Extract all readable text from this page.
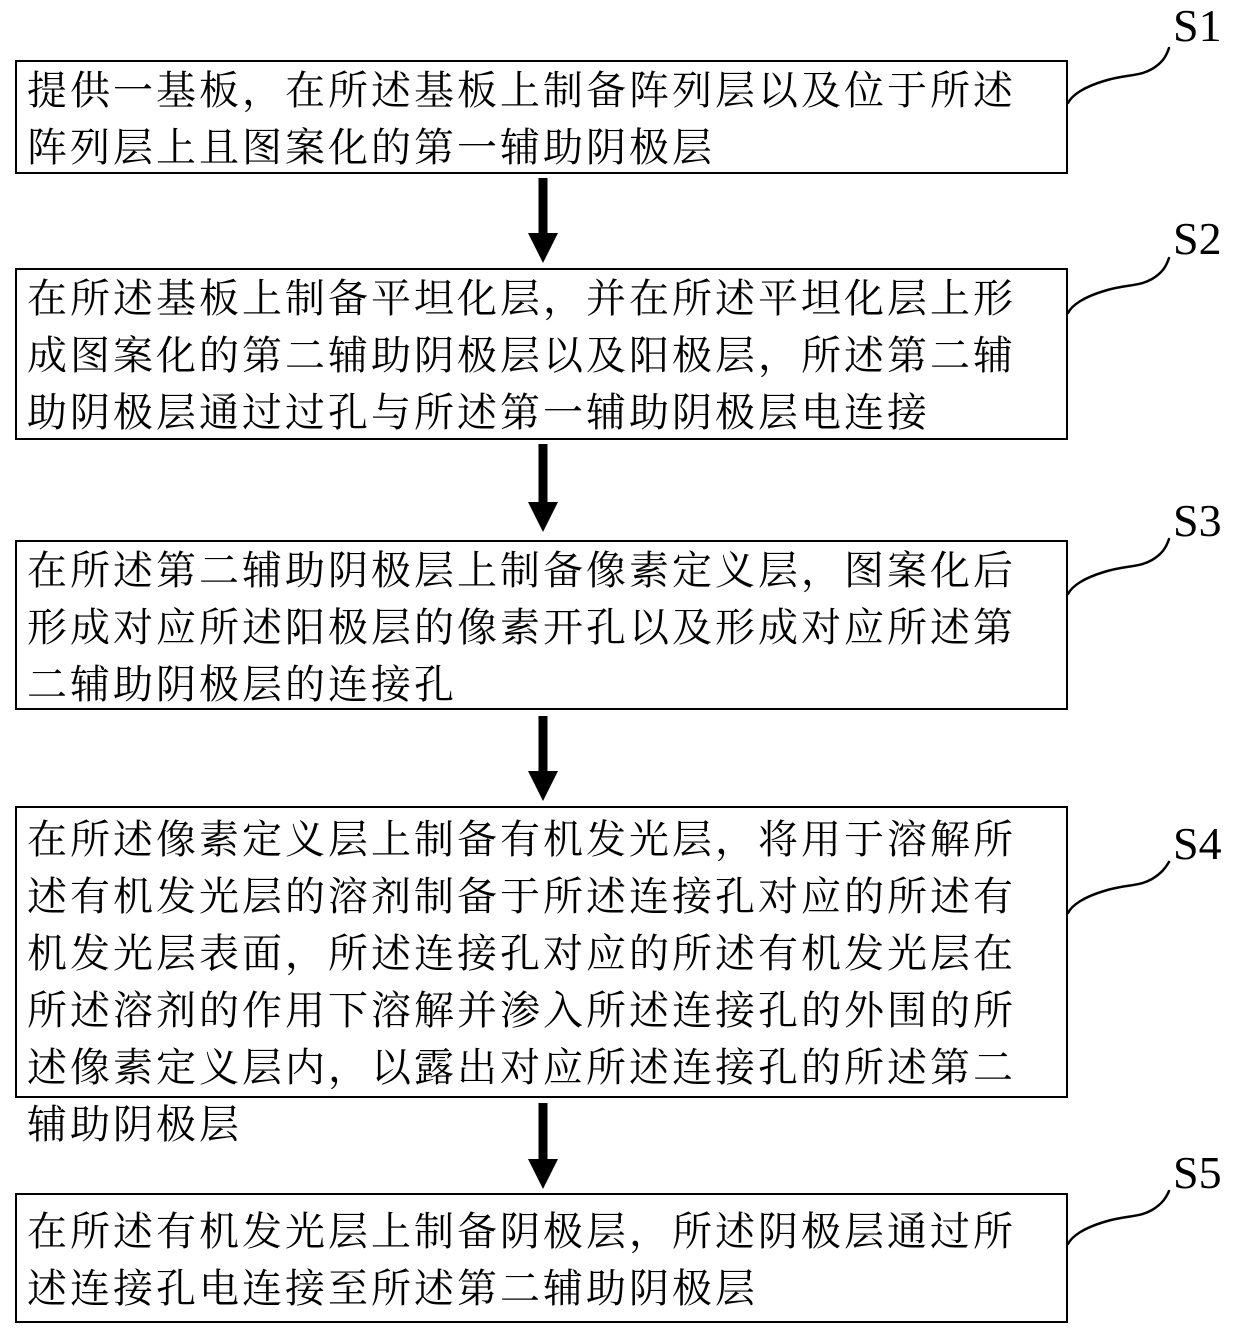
提供一基板，在所述基板上制备阵列层以及位于所述阵列层上且图案化的第一辅助阴极层
在所述基板上制备平坦化层，并在所述平坦化层上形成图案化的第二辅助阴极层以及阳极层，所述第二辅助阴极层通过过孔与所述第一辅助阴极层电连接
在所述第二辅助阴极层上制备像素定义层，图案化后形成对应所述阳极层的像素开孔以及形成对应所述第二辅助阴极层的连接孔
在所述像素定义层上制备有机发光层，将用于溶解所述有机发光层的溶剂制备于所述连接孔对应的所述有机发光层表面，所述连接孔对应的所述有机发光层在所述溶剂的作用下溶解并渗入所述连接孔的外围的所述像素定义层内，以露出对应所述连接孔的所述第二辅助阴极层
在所述有机发光层上制备阴极层，所述阴极层通过所述连接孔电连接至所述第二辅助阴极层
S1
S2
S3
S4
S5
